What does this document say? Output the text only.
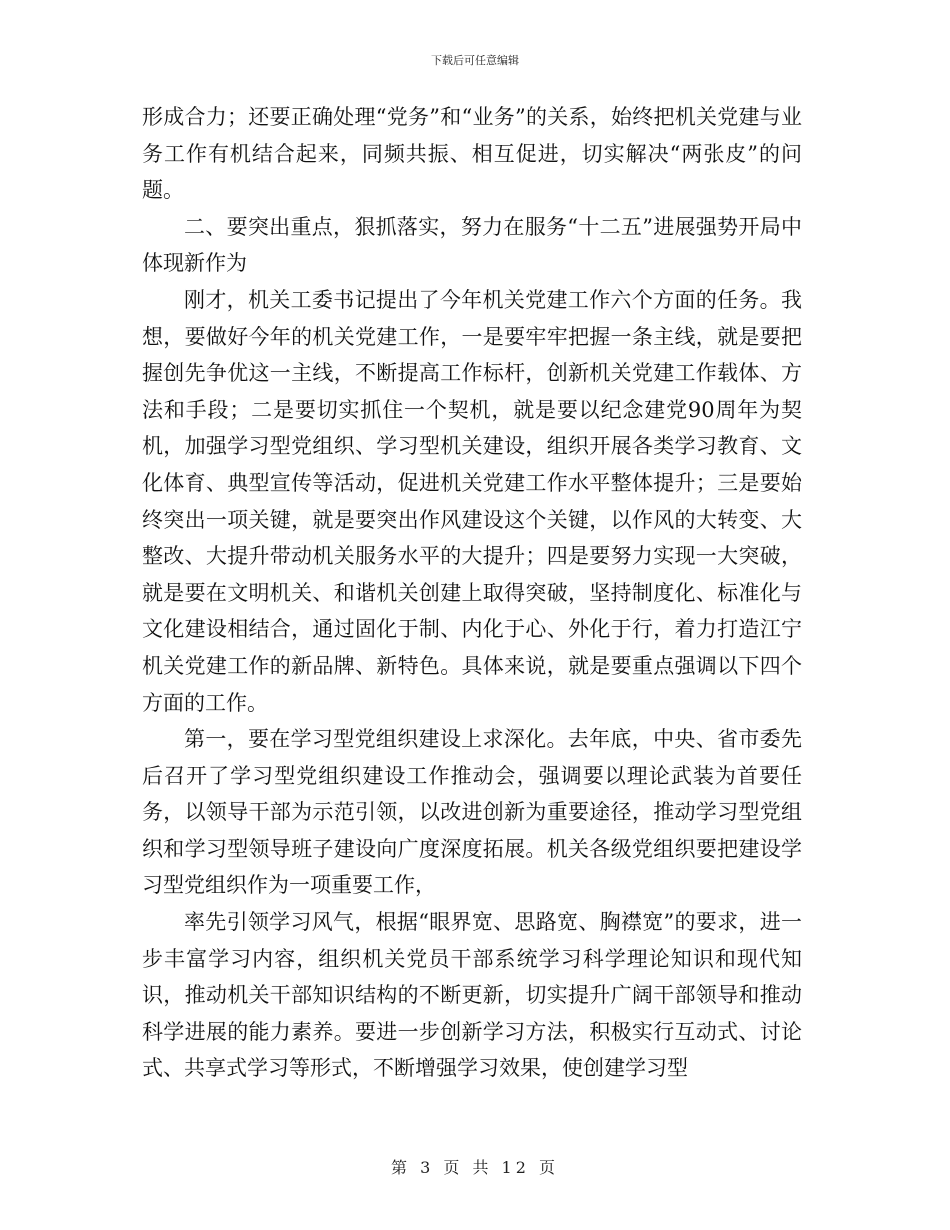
下载后可任意编辑

形成合力；还要正确处理“党务”和“业务”的关系，始终把机关党建与业务工作有机结合起来，同频共振、相互促进，切实解决“两张皮”的问题。

二、要突出重点，狠抓落实，努力在服务“十二五”进展强势开局中体现新作为

刚才，机关工委书记提出了今年机关党建工作六个方面的任务。我想，要做好今年的机关党建工作，一是要牢牢把握一条主线，就是要把握创先争优这一主线，不断提高工作标杆，创新机关党建工作载体、方法和手段；二是要切实抓住一个契机，就是要以纪念建党90周年为契机，加强学习型党组织、学习型机关建设，组织开展各类学习教育、文化体育、典型宣传等活动，促进机关党建工作水平整体提升；三是要始终突出一项关键，就是要突出作风建设这个关键，以作风的大转变、大整改、大提升带动机关服务水平的大提升；四是要努力实现一大突破，就是要在文明机关、和谐机关创建上取得突破，坚持制度化、标准化与文化建设相结合，通过固化于制、内化于心、外化于行，着力打造江宁机关党建工作的新品牌、新特色。具体来说，就是要重点强调以下四个方面的工作。

第一，要在学习型党组织建设上求深化。去年底，中央、省市委先后召开了学习型党组织建设工作推动会，强调要以理论武装为首要任务，以领导干部为示范引领，以改进创新为重要途径，推动学习型党组织和学习型领导班子建设向广度深度拓展。机关各级党组织要把建设学习型党组织作为一项重要工作，

率先引领学习风气，根据“眼界宽、思路宽、胸襟宽”的要求，进一步丰富学习内容，组织机关党员干部系统学习科学理论知识和现代知识，推动机关干部知识结构的不断更新，切实提升广阔干部领导和推动科学进展的能力素养。要进一步创新学习方法，积极实行互动式、讨论式、共享式学习等形式，不断增强学习效果，使创建学习型

第 3 页 共 12 页
